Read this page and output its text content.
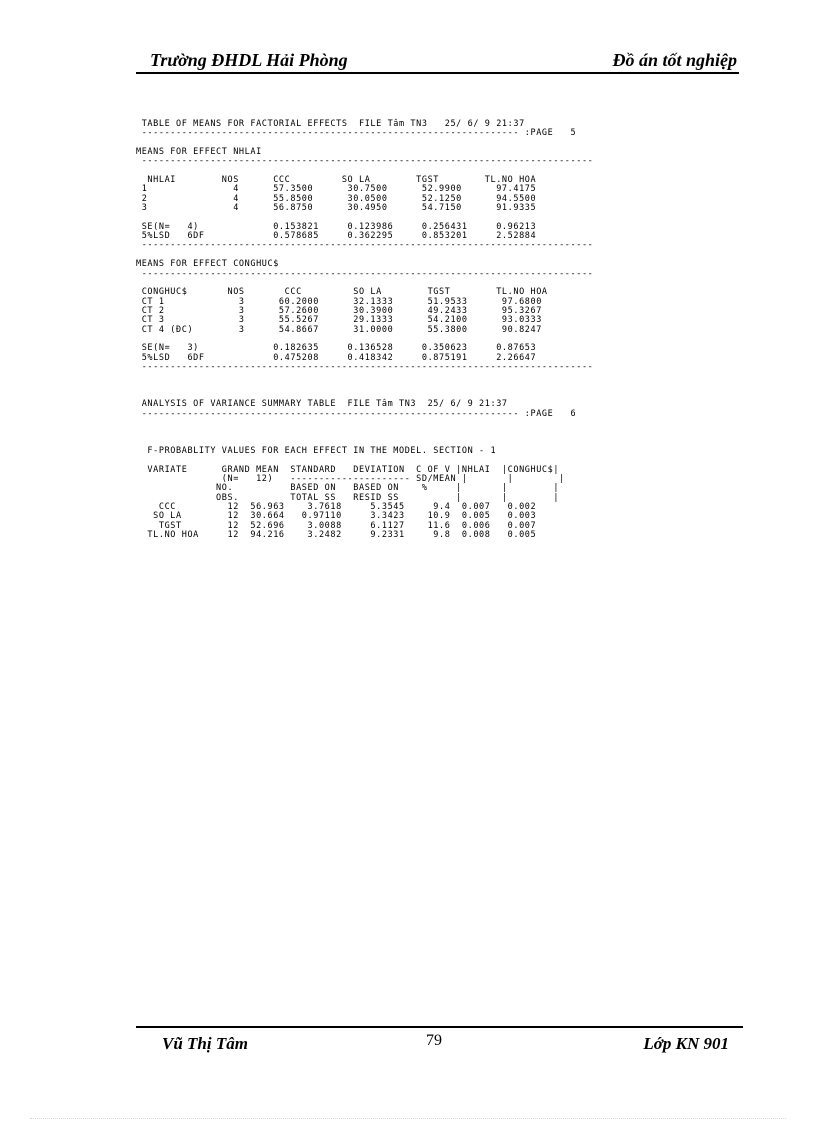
Trường ĐHDL Hải Phòng	Đồ án tốt nghiệp
TABLE OF MEANS FOR FACTORIAL EFFECTS  FILE Tâm TN3   25/ 6/ 9 21:37
------------------------------------------------------------------ :PAGE   5

MEANS FOR EFFECT NHLAI
-------------------------------------------------------------------------------

NHLAI        NOS      CCC         SO LA        TGST        TL.NO HOA
1               4      57.3500      30.7500      52.9900      97.4175
2               4      55.8500      30.0500      52.1250      94.5500
3               4      56.8750      30.4950      54.7150      91.9335

SE(N=   4)             0.153821     0.123986     0.256431     0.96213
5%LSD   6DF            0.578685     0.362295     0.853201     2.52884
-------------------------------------------------------------------------------

MEANS FOR EFFECT CONGHUC$
-------------------------------------------------------------------------------

CONGHUC$       NOS       CCC         SO LA        TGST        TL.NO HOA
CT 1             3      60.2000      32.1333      51.9533      97.6800
CT 2             3      57.2600      30.3900      49.2433      95.3267
CT 3             3      55.5267      29.1333      54.2100      93.0333
CT 4 (ĐC)        3      54.8667      31.0000      55.3800      90.8247

SE(N=   3)             0.182635     0.136528     0.350623     0.87653
5%LSD   6DF            0.475208     0.418342     0.875191     2.26647
-------------------------------------------------------------------------------

ANALYSIS OF VARIANCE SUMMARY TABLE  FILE Tâm TN3  25/ 6/ 9 21:37
------------------------------------------------------------------ :PAGE   6

F-PROBABLITY VALUES FOR EACH EFFECT IN THE MODEL. SECTION - 1

VARIATE      GRAND MEAN  STANDARD   DEVIATION  C OF V |NHLAI  |CONGHUC$|
(N=   12)   --------------------- SD/MEAN |       |        |
NO.          BASED ON   BASED ON    %     |       |        |
OBS.         TOTAL SS   RESID SS          |       |        |
CCC         12  56.963    3.7618     5.3545     9.4  0.007   0.002
SO LA        12  30.664   0.97110     3.3423    10.9  0.005   0.003
TGST        12  52.696    3.0088     6.1127    11.6  0.006   0.007
TL.NO HOA     12  94.216    3.2482     9.2331     9.8  0.008   0.005

Vũ Thị Tâm	79	Lớp KN 901
